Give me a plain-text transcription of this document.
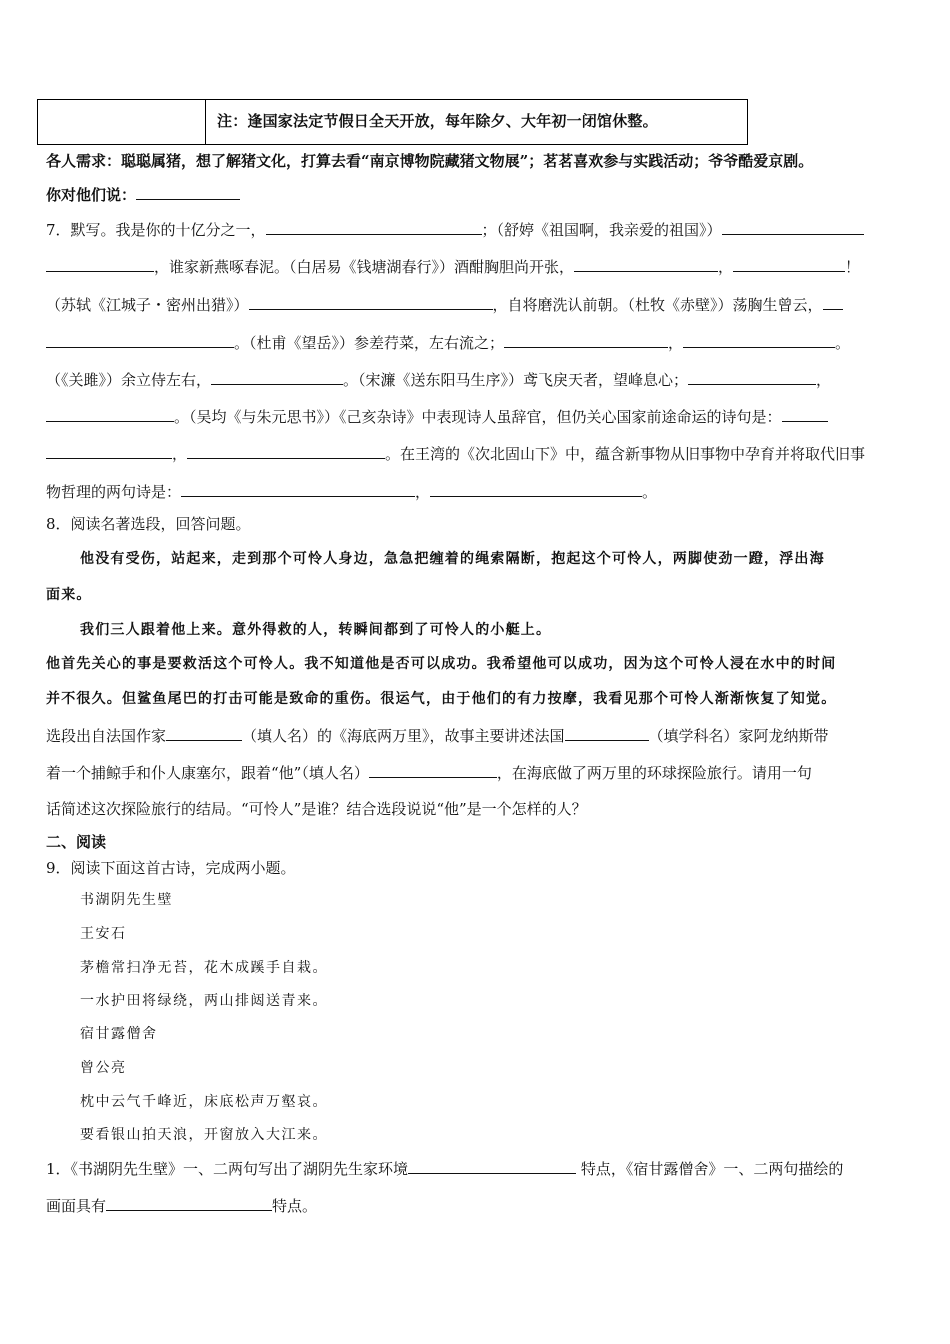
注：逢国家法定节假日全天开放，每年除夕、大年初一闭馆休整。
各人需求：聪聪属猪，想了解猪文化，打算去看“南京博物院藏猪文物展”；茗茗喜欢参与实践活动；爷爷酷爱京剧。
你对他们说：
7．默写。我是你的十亿分之一，	；（舒婷《祖国啊，我亲爱的祖国》）
，谁家新燕啄春泥。（白居易《钱塘湖春行》）酒酣胸胆尚开张，	，	！
（苏轼《江城子・密州出猎》）	，自将磨洗认前朝。（杜牧《赤壁》）荡胸生曾云，
。（杜甫《望岳》）参差荇菜，左右流之；	，	。
（《关雎》）余立侍左右，	。（宋濂《送东阳马生序》）鸢飞戾天者，望峰息心；	，
。（吴均《与朱元思书》）《己亥杂诗》中表现诗人虽辞官，但仍关心国家前途命运的诗句是：
，	。在王湾的《次北固山下》中，蕴含新事物从旧事物中孕育并将取代旧事
物哲理的两句诗是：	，	。
8．阅读名著选段，回答问题。
他没有受伤，站起来，走到那个可怜人身边，急急把缠着的绳索隔断，抱起这个可怜人，两脚使劲一蹬，浮出海
面来。
我们三人跟着他上来。意外得救的人，转瞬间都到了可怜人的小艇上。
他首先关心的事是要救活这个可怜人。我不知道他是否可以成功。我希望他可以成功，因为这个可怜人浸在水中的时间
并不很久。但鲨鱼尾巴的打击可能是致命的重伤。很运气，由于他们的有力按摩，我看见那个可怜人渐渐恢复了知觉。
选段出自法国作家	（填人名）的《海底两万里》，故事主要讲述法国	（填学科名）家阿龙纳斯带
着一个捕鲸手和仆人康塞尔，跟着“他”（填人名）	，在海底做了两万里的环球探险旅行。请用一句
话简述这次探险旅行的结局。“可怜人”是谁？结合选段说说“他”是一个怎样的人？
二、阅读
9．阅读下面这首古诗，完成两小题。
书湖阴先生壁
王安石
茅檐常扫净无苔，花木成蹊手自栽。
一水护田将绿绕，两山排闼送青来。
宿甘露僧舍
曾公亮
枕中云气千峰近，床底松声万壑哀。
要看银山拍天浪，开窗放入大江来。
1．《书湖阴先生壁》一、二两句写出了湖阴先生家环境	特点，《宿甘露僧舍》一、二两句描绘的
画面具有	特点。
